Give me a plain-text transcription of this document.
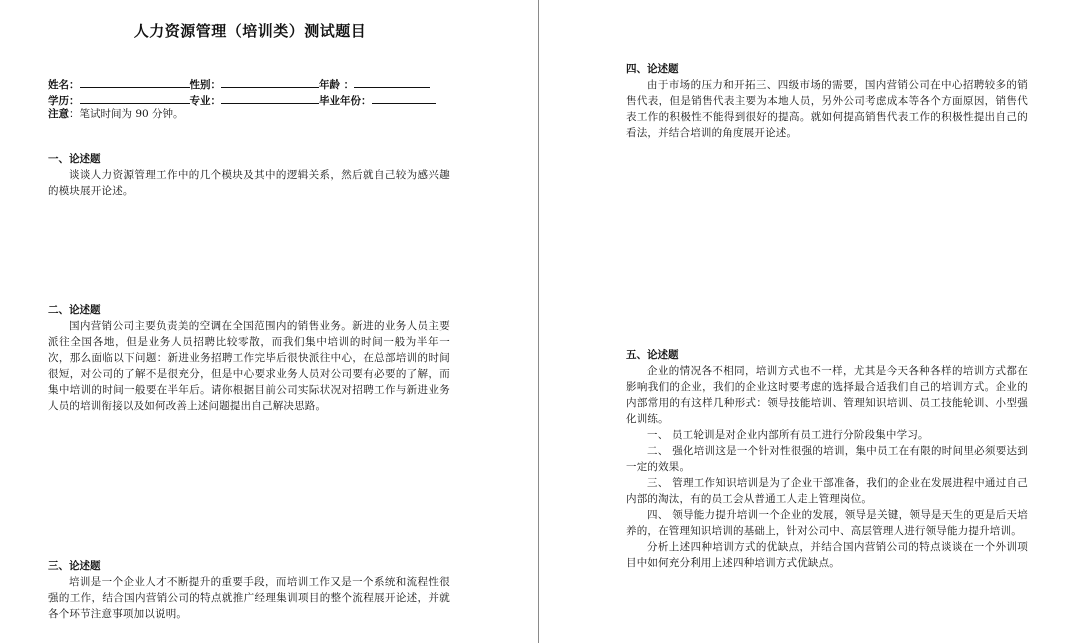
人力资源管理（培训类）测试题目
姓名：	性别：	年龄 ：
学历：	专业：	毕业年份：
注意：笔试时间为 90 分钟。
一、论述题

谈谈人力资源管理工作中的几个模块及其中的逻辑关系，然后就自己较为感兴趣的模块展开论述。

二、论述题

国内营销公司主要负责美的空调在全国范围内的销售业务。新进的业务人员主要派往全国各地，但是业务人员招聘比较零散，而我们集中培训的时间一般为半年一次，那么面临以下问题：新进业务招聘工作完毕后很快派往中心，在总部培训的时间很短，对公司的了解不是很充分，但是中心要求业务人员对公司要有必要的了解，而集中培训的时间一般要在半年后。请你根据目前公司实际状况对招聘工作与新进业务人员的培训衔接以及如何改善上述问题提出自己解决思路。

三、论述题

培训是一个企业人才不断提升的重要手段，而培训工作又是一个系统和流程性很强的工作，结合国内营销公司的特点就推广经理集训项目的整个流程展开论述，并就各个环节注意事项加以说明。

四、论述题

由于市场的压力和开拓三、四级市场的需要，国内营销公司在中心招聘较多的销售代表，但是销售代表主要为本地人员，另外公司考虑成本等各个方面原因，销售代表工作的积极性不能得到很好的提高。就如何提高销售代表工作的积极性提出自己的看法，并结合培训的角度展开论述。

五、论述题

企业的情况各不相同，培训方式也不一样，尤其是今天各种各样的培训方式都在影响我们的企业，我们的企业这时要考虑的选择最合适我们自己的培训方式。企业的内部常用的有这样几种形式：领导技能培训、管理知识培训、员工技能轮训、小型强化训练。

一、 员工轮训是对企业内部所有员工进行分阶段集中学习。

二、 强化培训这是一个针对性很强的培训，集中员工在有限的时间里必须要达到一定的效果。

三、 管理工作知识培训是为了企业干部准备，我们的企业在发展进程中通过自己内部的淘汰，有的员工会从普通工人走上管理岗位。

四、 领导能力提升培训一个企业的发展，领导是关键，领导是天生的更是后天培养的，在管理知识培训的基础上，针对公司中、高层管理人进行领导能力提升培训。

分析上述四种培训方式的优缺点，并结合国内营销公司的特点谈谈在一个外训项目中如何充分利用上述四种培训方式优缺点。
